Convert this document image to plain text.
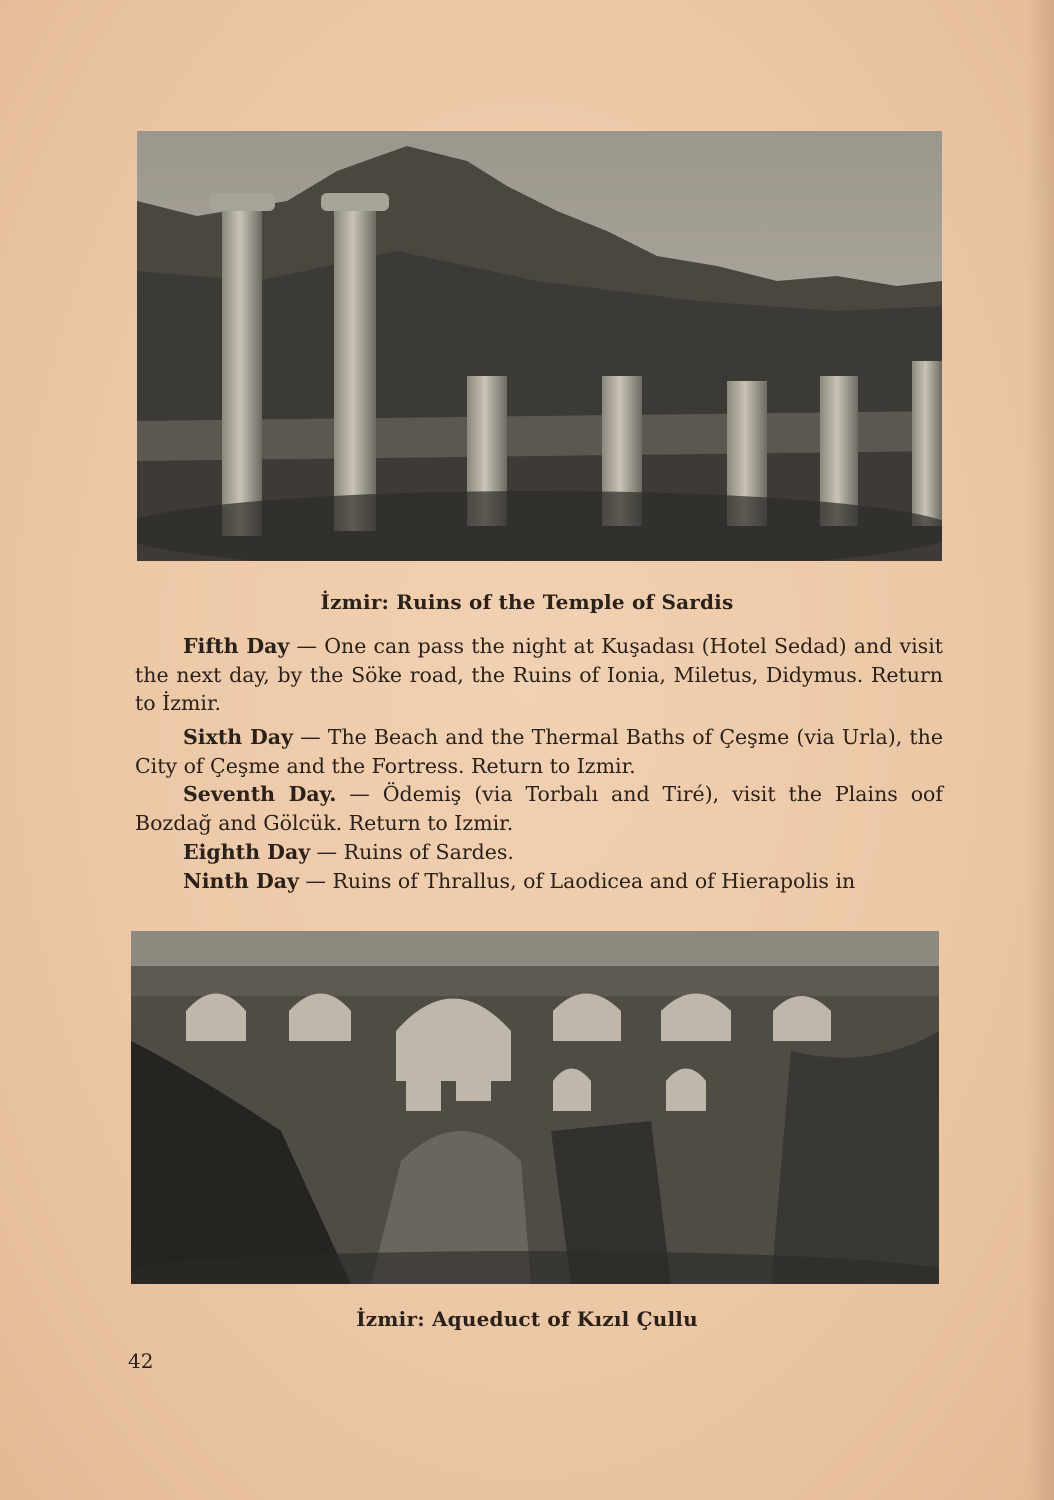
İzmir: Ruins of the Temple of Sardis
Fifth Day — One can pass the night at Kuşadası (Hotel Sedad) and visit the next day, by the Söke road, the Ruins of Ionia, Miletus, Didymus. Return to İzmir.
Sixth Day — The Beach and the Thermal Baths of Çeşme (via Urla), the City of Çeşme and the Fortress. Return to Izmir.
Seventh Day. — Ödemiş (via Torbalı and Tiré), visit the Plains oof Bozdağ and Gölcük. Return to Izmir.
Eighth Day — Ruins of Sardes.
Ninth Day — Ruins of Thrallus, of Laodicea and of Hierapolis in
İzmir: Aqueduct of Kızıl Çullu
42
